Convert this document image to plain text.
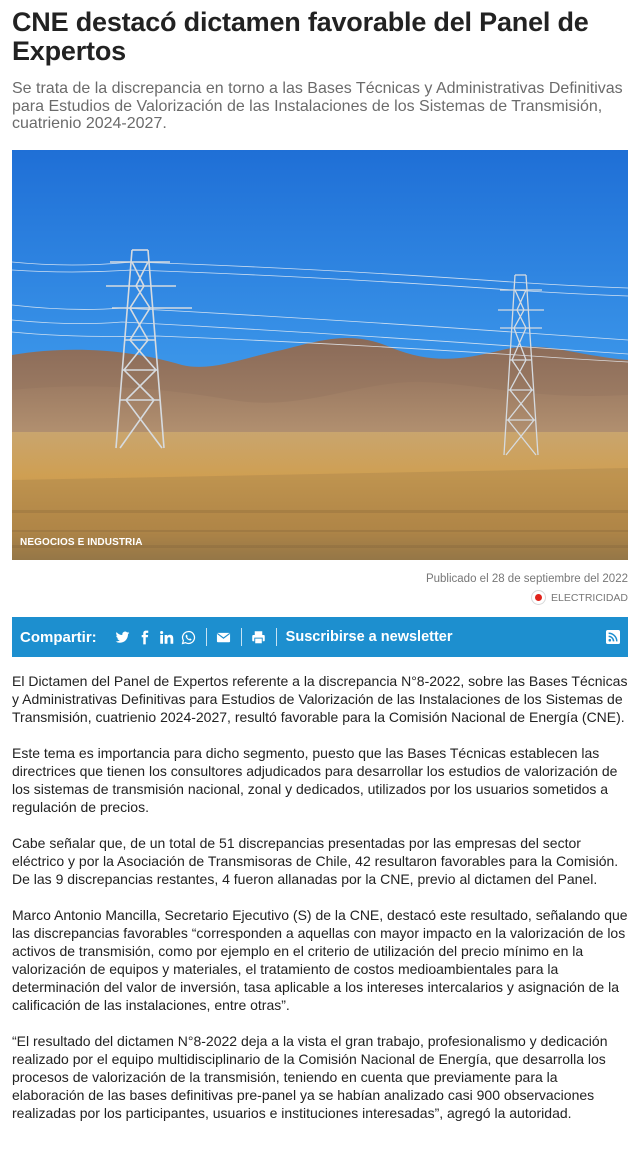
CNE destacó dictamen favorable del Panel de Expertos

Se trata de la discrepancia en torno a las Bases Técnicas y Administrativas Definitivas para Estudios de Valorización de las Instalaciones de los Sistemas de Transmisión, cuatrienio 2024-2027.

NEGOCIOS E INDUSTRIA
Publicado el 28 de septiembre del 2022
ELECTRICIDAD
Compartir:	Suscribirse a newsletter

El Dictamen del Panel de Expertos referente a la discrepancia N°8-2022, sobre las Bases Técnicas y Administrativas Definitivas para Estudios de Valorización de las Instalaciones de los Sistemas de Transmisión, cuatrienio 2024-2027, resultó favorable para la Comisión Nacional de Energía (CNE).

Este tema es importancia para dicho segmento, puesto que las Bases Técnicas establecen las directrices que tienen los consultores adjudicados para desarrollar los estudios de valorización de los sistemas de transmisión nacional, zonal y dedicados, utilizados por los usuarios sometidos a regulación de precios.

Cabe señalar que, de un total de 51 discrepancias presentadas por las empresas del sector eléctrico y por la Asociación de Transmisoras de Chile, 42 resultaron favorables para la Comisión. De las 9 discrepancias restantes, 4 fueron allanadas por la CNE, previo al dictamen del Panel.

Marco Antonio Mancilla, Secretario Ejecutivo (S) de la CNE, destacó este resultado, señalando que las discrepancias favorables “corresponden a aquellas con mayor impacto en la valorización de los activos de transmisión, como por ejemplo en el criterio de utilización del precio mínimo en la valorización de equipos y materiales, el tratamiento de costos medioambientales para la determinación del valor de inversión, tasa aplicable a los intereses intercalarios y asignación de la calificación de las instalaciones, entre otras”.

“El resultado del dictamen N°8-2022 deja a la vista el gran trabajo, profesionalismo y dedicación realizado por el equipo multidisciplinario de la Comisión Nacional de Energía, que desarrolla los procesos de valorización de la transmisión, teniendo en cuenta que previamente para la elaboración de las bases definitivas pre-panel ya se habían analizado casi 900 observaciones realizadas por los participantes, usuarios e instituciones interesadas”, agregó la autoridad.
